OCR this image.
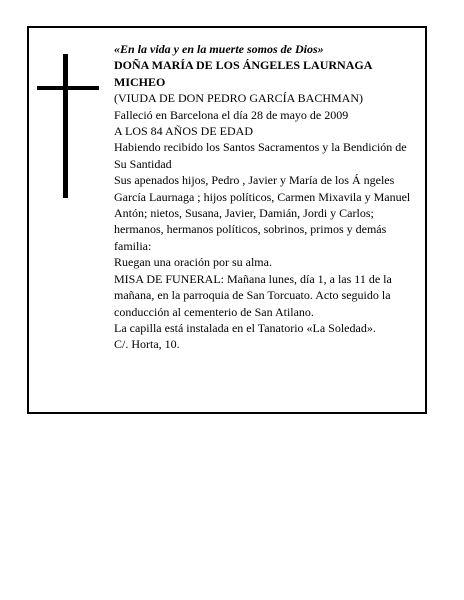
«En la vida y en la muerte somos de Dios»
DOÑA MARÍA DE LOS ÁNGELES LAURNAGA MICHEO
(VIUDA DE DON PEDRO GARCÍA BACHMAN)
Falleció en Barcelona el día 28 de mayo de 2009
A LOS 84 AÑOS DE EDAD
Habiendo recibido los Santos Sacramentos y la Bendición de Su Santidad
Sus apenados hijos, Pedro , Javier y María de los Á ngeles García Laurnaga ; hijos políticos, Carmen Mixavila y Manuel Antón; nietos, Susana, Javier, Damián, Jordi y Carlos; hermanos, hermanos políticos, sobrinos, primos y demás familia:
Ruegan una oración por su alma.
MISA DE FUNERAL: Mañana lunes, día 1, a las 11 de la mañana, en la parroquia de San Torcuato. Acto seguido la conducción al cementerio de San Atilano.
La capilla está instalada en el Tanatorio «La Soledad».
C/. Horta, 10.
